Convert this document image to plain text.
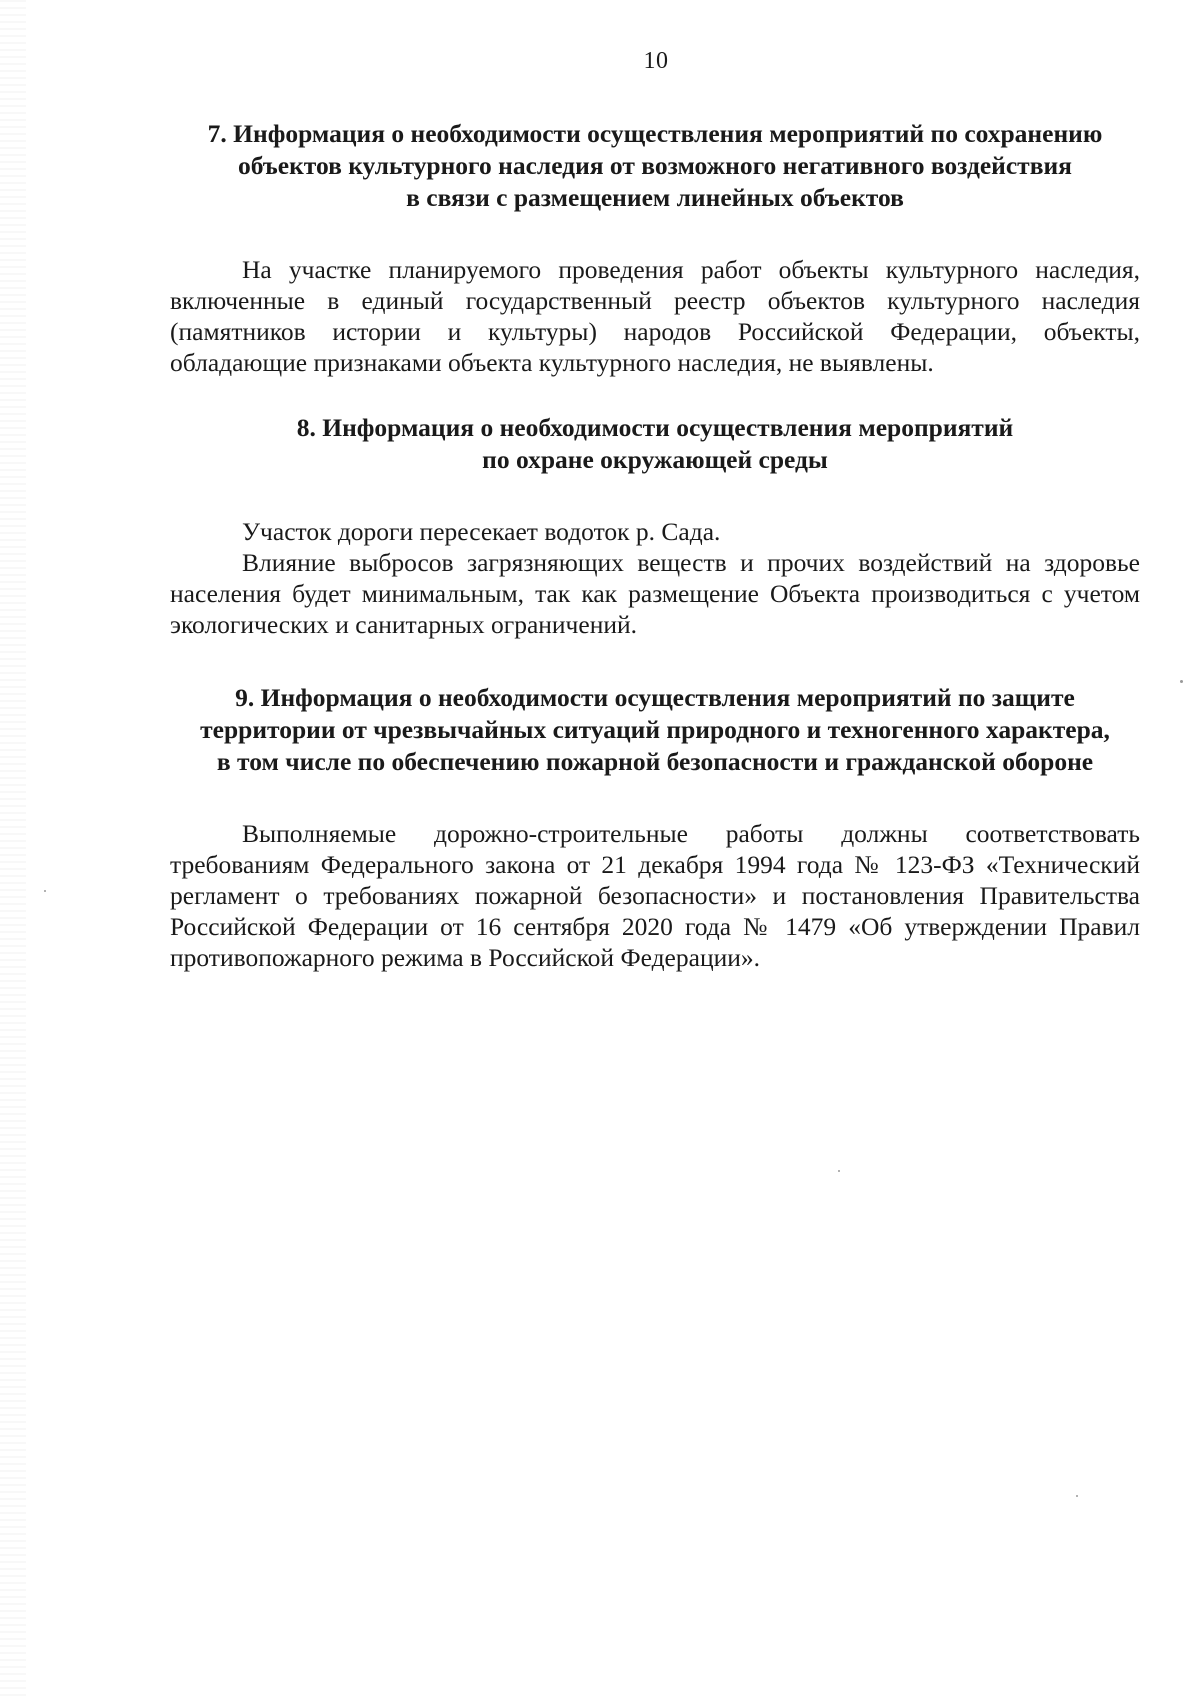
10
7. Информация о необходимости осуществления мероприятий по сохранению
объектов культурного наследия от возможного негативного воздействия
в связи с размещением линейных объектов

На участке планируемого проведения работ объекты культурного наследия, включенные в единый государственный реестр объектов культурного наследия (памятников истории и культуры) народов Российской Федерации, объекты, обладающие признаками объекта культурного наследия, не выявлены.

8. Информация о необходимости осуществления мероприятий
по охране окружающей среды

Участок дороги пересекает водоток р. Сада.

Влияние выбросов загрязняющих веществ и прочих воздействий на здоровье населения будет минимальным, так как размещение Объекта производиться с учетом экологических и санитарных ограничений.

9. Информация о необходимости осуществления мероприятий по защите
территории от чрезвычайных ситуаций природного и техногенного характера,
в том числе по обеспечению пожарной безопасности и гражданской обороне

Выполняемые дорожно-строительные работы должны соответствовать требованиям Федерального закона от 21 декабря 1994 года № 123-ФЗ «Технический регламент о требованиях пожарной безопасности» и постановления Правительства Российской Федерации от 16 сентября 2020 года № 1479 «Об утверждении Правил противопожарного режима в Российской Федерации».
